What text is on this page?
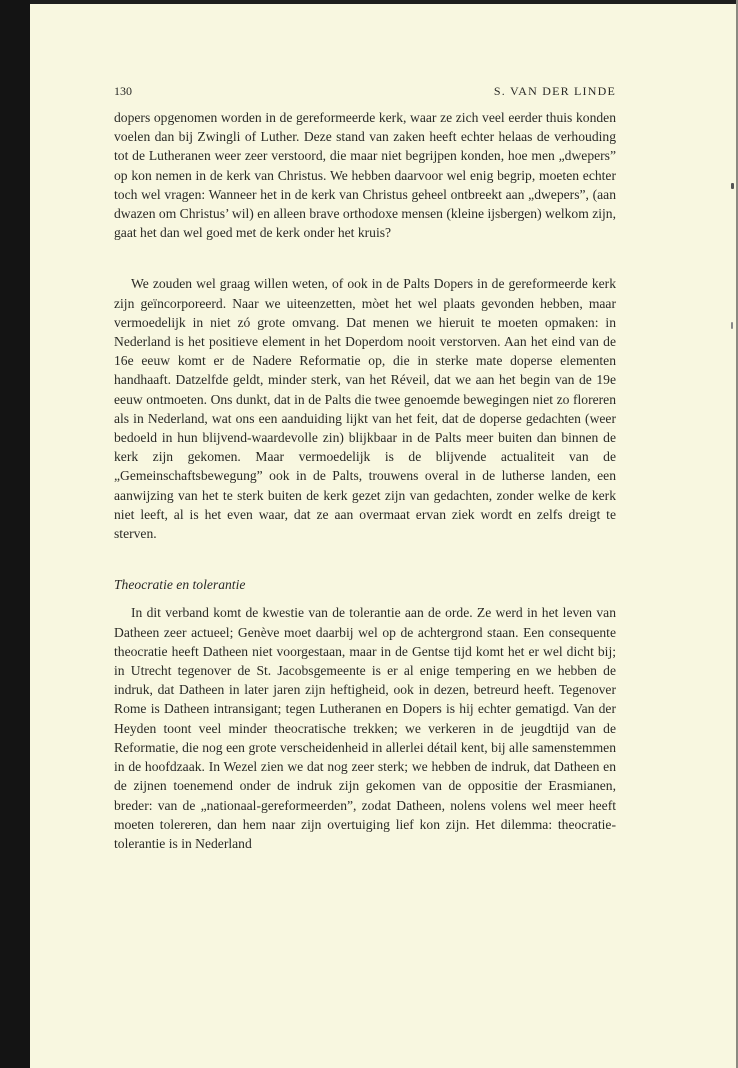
130	S. VAN DER LINDE

dopers opgenomen worden in de gereformeerde kerk, waar ze zich veel eerder thuis konden voelen dan bij Zwingli of Luther. Deze stand van zaken heeft echter helaas de verhouding tot de Lutheranen weer zeer verstoord, die maar niet begrijpen konden, hoe men „dwepers” op kon nemen in de kerk van Christus. We hebben daarvoor wel enig begrip, moeten echter toch wel vragen: Wanneer het in de kerk van Christus geheel ontbreekt aan „dwepers”, (aan dwazen om Christus’ wil) en alleen brave orthodoxe mensen (kleine ijsbergen) welkom zijn, gaat het dan wel goed met de kerk onder het kruis?

We zouden wel graag willen weten, of ook in de Palts Dopers in de gereformeerde kerk zijn geïncorporeerd. Naar we uiteenzetten, mòet het wel plaats gevonden hebben, maar vermoedelijk in niet zó grote omvang. Dat menen we hieruit te moeten opmaken: in Nederland is het positieve element in het Doperdom nooit verstorven. Aan het eind van de 16e eeuw komt er de Nadere Reformatie op, die in sterke mate doperse elementen handhaaft. Datzelfde geldt, minder sterk, van het Réveil, dat we aan het begin van de 19e eeuw ontmoeten. Ons dunkt, dat in de Palts die twee genoemde bewegingen niet zo floreren als in Nederland, wat ons een aanduiding lijkt van het feit, dat de doperse gedachten (weer bedoeld in hun blijvend-waardevolle zin) blijkbaar in de Palts meer buiten dan binnen de kerk zijn gekomen. Maar vermoedelijk is de blijvende actualiteit van de „Gemeinschaftsbewegung” ook in de Palts, trouwens overal in de lutherse landen, een aanwijzing van het te sterk buiten de kerk gezet zijn van gedachten, zonder welke de kerk niet leeft, al is het even waar, dat ze aan overmaat ervan ziek wordt en zelfs dreigt te sterven.

Theocratie en tolerantie

In dit verband komt de kwestie van de tolerantie aan de orde. Ze werd in het leven van Datheen zeer actueel; Genève moet daarbij wel op de achtergrond staan. Een consequente theocratie heeft Datheen niet voorgestaan, maar in de Gentse tijd komt het er wel dicht bij; in Utrecht tegenover de St. Jacobsgemeente is er al enige tempering en we hebben de indruk, dat Datheen in later jaren zijn heftigheid, ook in dezen, betreurd heeft. Tegenover Rome is Datheen intransigant; tegen Lutheranen en Dopers is hij echter gematigd. Van der Heyden toont veel minder theocratische trekken; we verkeren in de jeugdtijd van de Reformatie, die nog een grote verscheidenheid in allerlei détail kent, bij alle samenstemmen in de hoofdzaak. In Wezel zien we dat nog zeer sterk; we hebben de indruk, dat Datheen en de zijnen toenemend onder de indruk zijn gekomen van de oppositie der Erasmianen, breder: van de „nationaal-gereformeerden”, zodat Datheen, nolens volens wel meer heeft moeten tolereren, dan hem naar zijn overtuiging lief kon zijn. Het dilemma: theocratie-tolerantie is in Nederland
